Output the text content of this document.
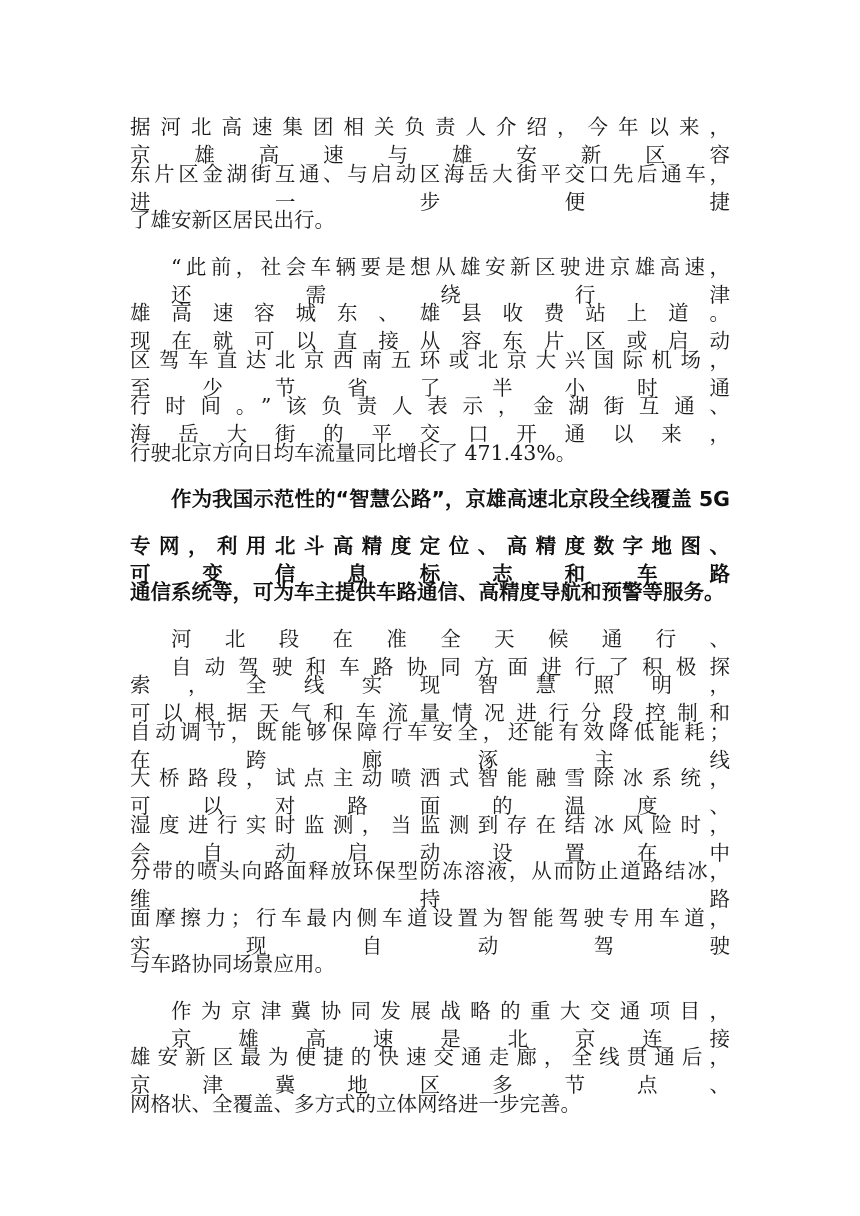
据河北高速集团相关负责人介绍，今年以来，京雄高速与雄安新区容

东片区金湖街互通、与启动区海岳大街平交口先后通车，进一步便捷

了雄安新区居民出行。

“此前，社会车辆要是想从雄安新区驶进京雄高速，还需绕行津

雄高速容城东、雄县收费站上道。现在就可以直接从容东片区或启动

区驾车直达北京西南五环或北京大兴国际机场，至少节省了半小时通

行时间。”该负责人表示，金湖街互通、海岳大街的平交口开通以来，

行驶北京方向日均车流量同比增长了 471.43%。

作为我国示范性的“智慧公路”，京雄高速北京段全线覆盖 5G

专网，利用北斗高精度定位、高精度数字地图、可变信息标志和车路

通信系统等，可为车主提供车路通信、高精度导航和预警等服务。

河北段在准全天候通行、自动驾驶和车路协同方面进行了积极探

索，全线实现智慧照明，可以根据天气和车流量情况进行分段控制和

自动调节，既能够保障行车安全，还能有效降低能耗；在跨廊涿主线

大桥路段，试点主动喷洒式智能融雪除冰系统，可以对路面的温度、

湿度进行实时监测，当监测到存在结冰风险时，会自动启动设置在中

分带的喷头向路面释放环保型防冻溶液，从而防止道路结冰，维持路

面摩擦力；行车最内侧车道设置为智能驾驶专用车道，实现自动驾驶

与车路协同场景应用。

作为京津冀协同发展战略的重大交通项目，京雄高速是北京连接

雄安新区最为便捷的快速交通走廊，全线贯通后，京津冀地区多节点、

网格状、全覆盖、多方式的立体网络进一步完善。
